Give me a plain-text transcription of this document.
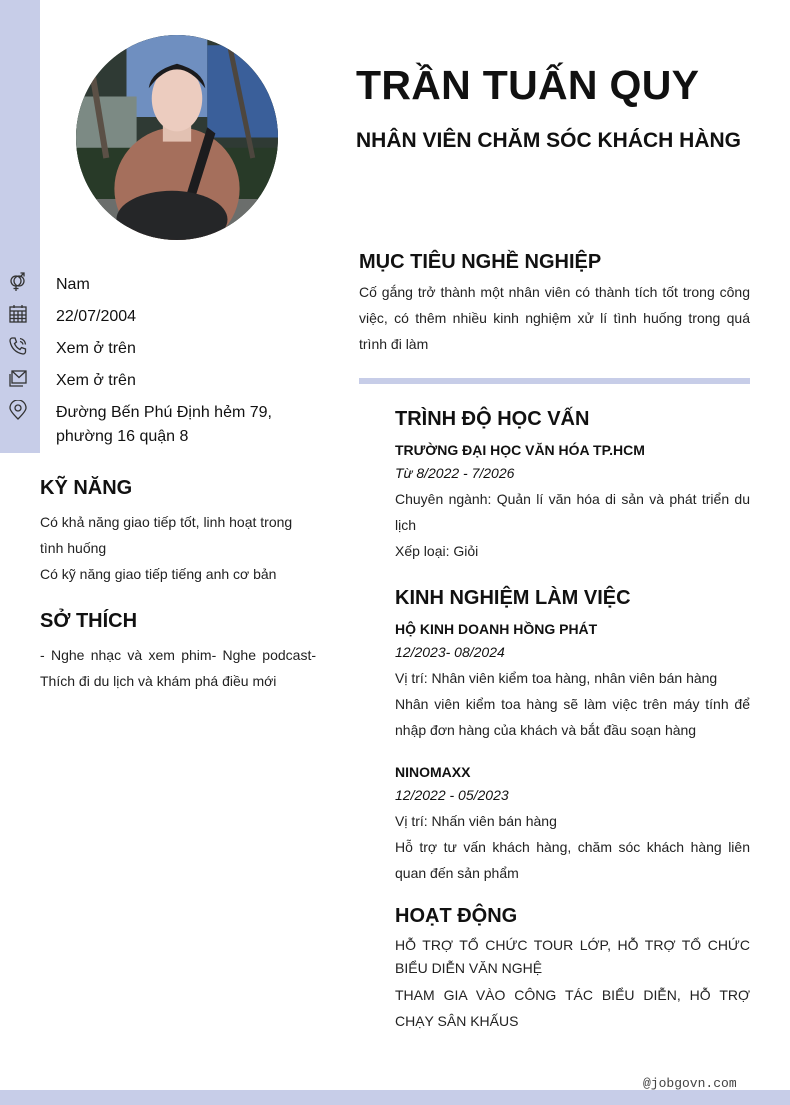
TRẦN TUẤN QUY
NHÂN VIÊN CHĂM SÓC KHÁCH HÀNG
Nam
22/07/2004
Xem ở trên
Xem ở trên
Đường Bến Phú Định hẻm 79,
phường 16 quận 8
KỸ NĂNG

Có khả năng giao tiếp tốt, linh hoạt trong tình huống

Có kỹ năng giao tiếp tiếng anh cơ bản

SỞ THÍCH

- Nghe nhạc và xem phim- Nghe podcast- Thích đi du lịch và khám phá điều mới

MỤC TIÊU NGHỀ NGHIỆP

Cố gắng trở thành một nhân viên có thành tích tốt trong công việc, có thêm nhiều kinh nghiệm xử lí tình huống trong quá trình đi làm

TRÌNH ĐỘ HỌC VẤN

TRƯỜNG ĐẠI HỌC VĂN HÓA TP.HCM

Từ 8/2022 - 7/2026

Chuyên ngành: Quản lí văn hóa di sản và phát triển du lịch

Xếp loại: Giỏi

KINH NGHIỆM LÀM VIỆC

HỘ KINH DOANH HỒNG PHÁT

12/2023- 08/2024

Vị trí: Nhân viên kiểm toa hàng, nhân viên bán hàng

Nhân viên kiểm toa hàng sẽ làm việc trên máy tính để nhập đơn hàng của khách và bắt đầu soạn hàng

NINOMAXX

12/2022 - 05/2023

Vị trí: Nhấn viên bán hàng

Hỗ trợ tư vấn khách hàng, chăm sóc khách hàng liên quan đến sản phẩm

HOẠT ĐỘNG

HỖ TRỢ TỔ CHỨC TOUR LỚP, HỖ TRỢ TỔ CHỨC BIỂU DIỄN VĂN NGHỆ

THAM GIA VÀO CÔNG TÁC BIỂU DIỄN, HỖ TRỢ CHẠY SÂN KHẤUS

@jobgovn.com
